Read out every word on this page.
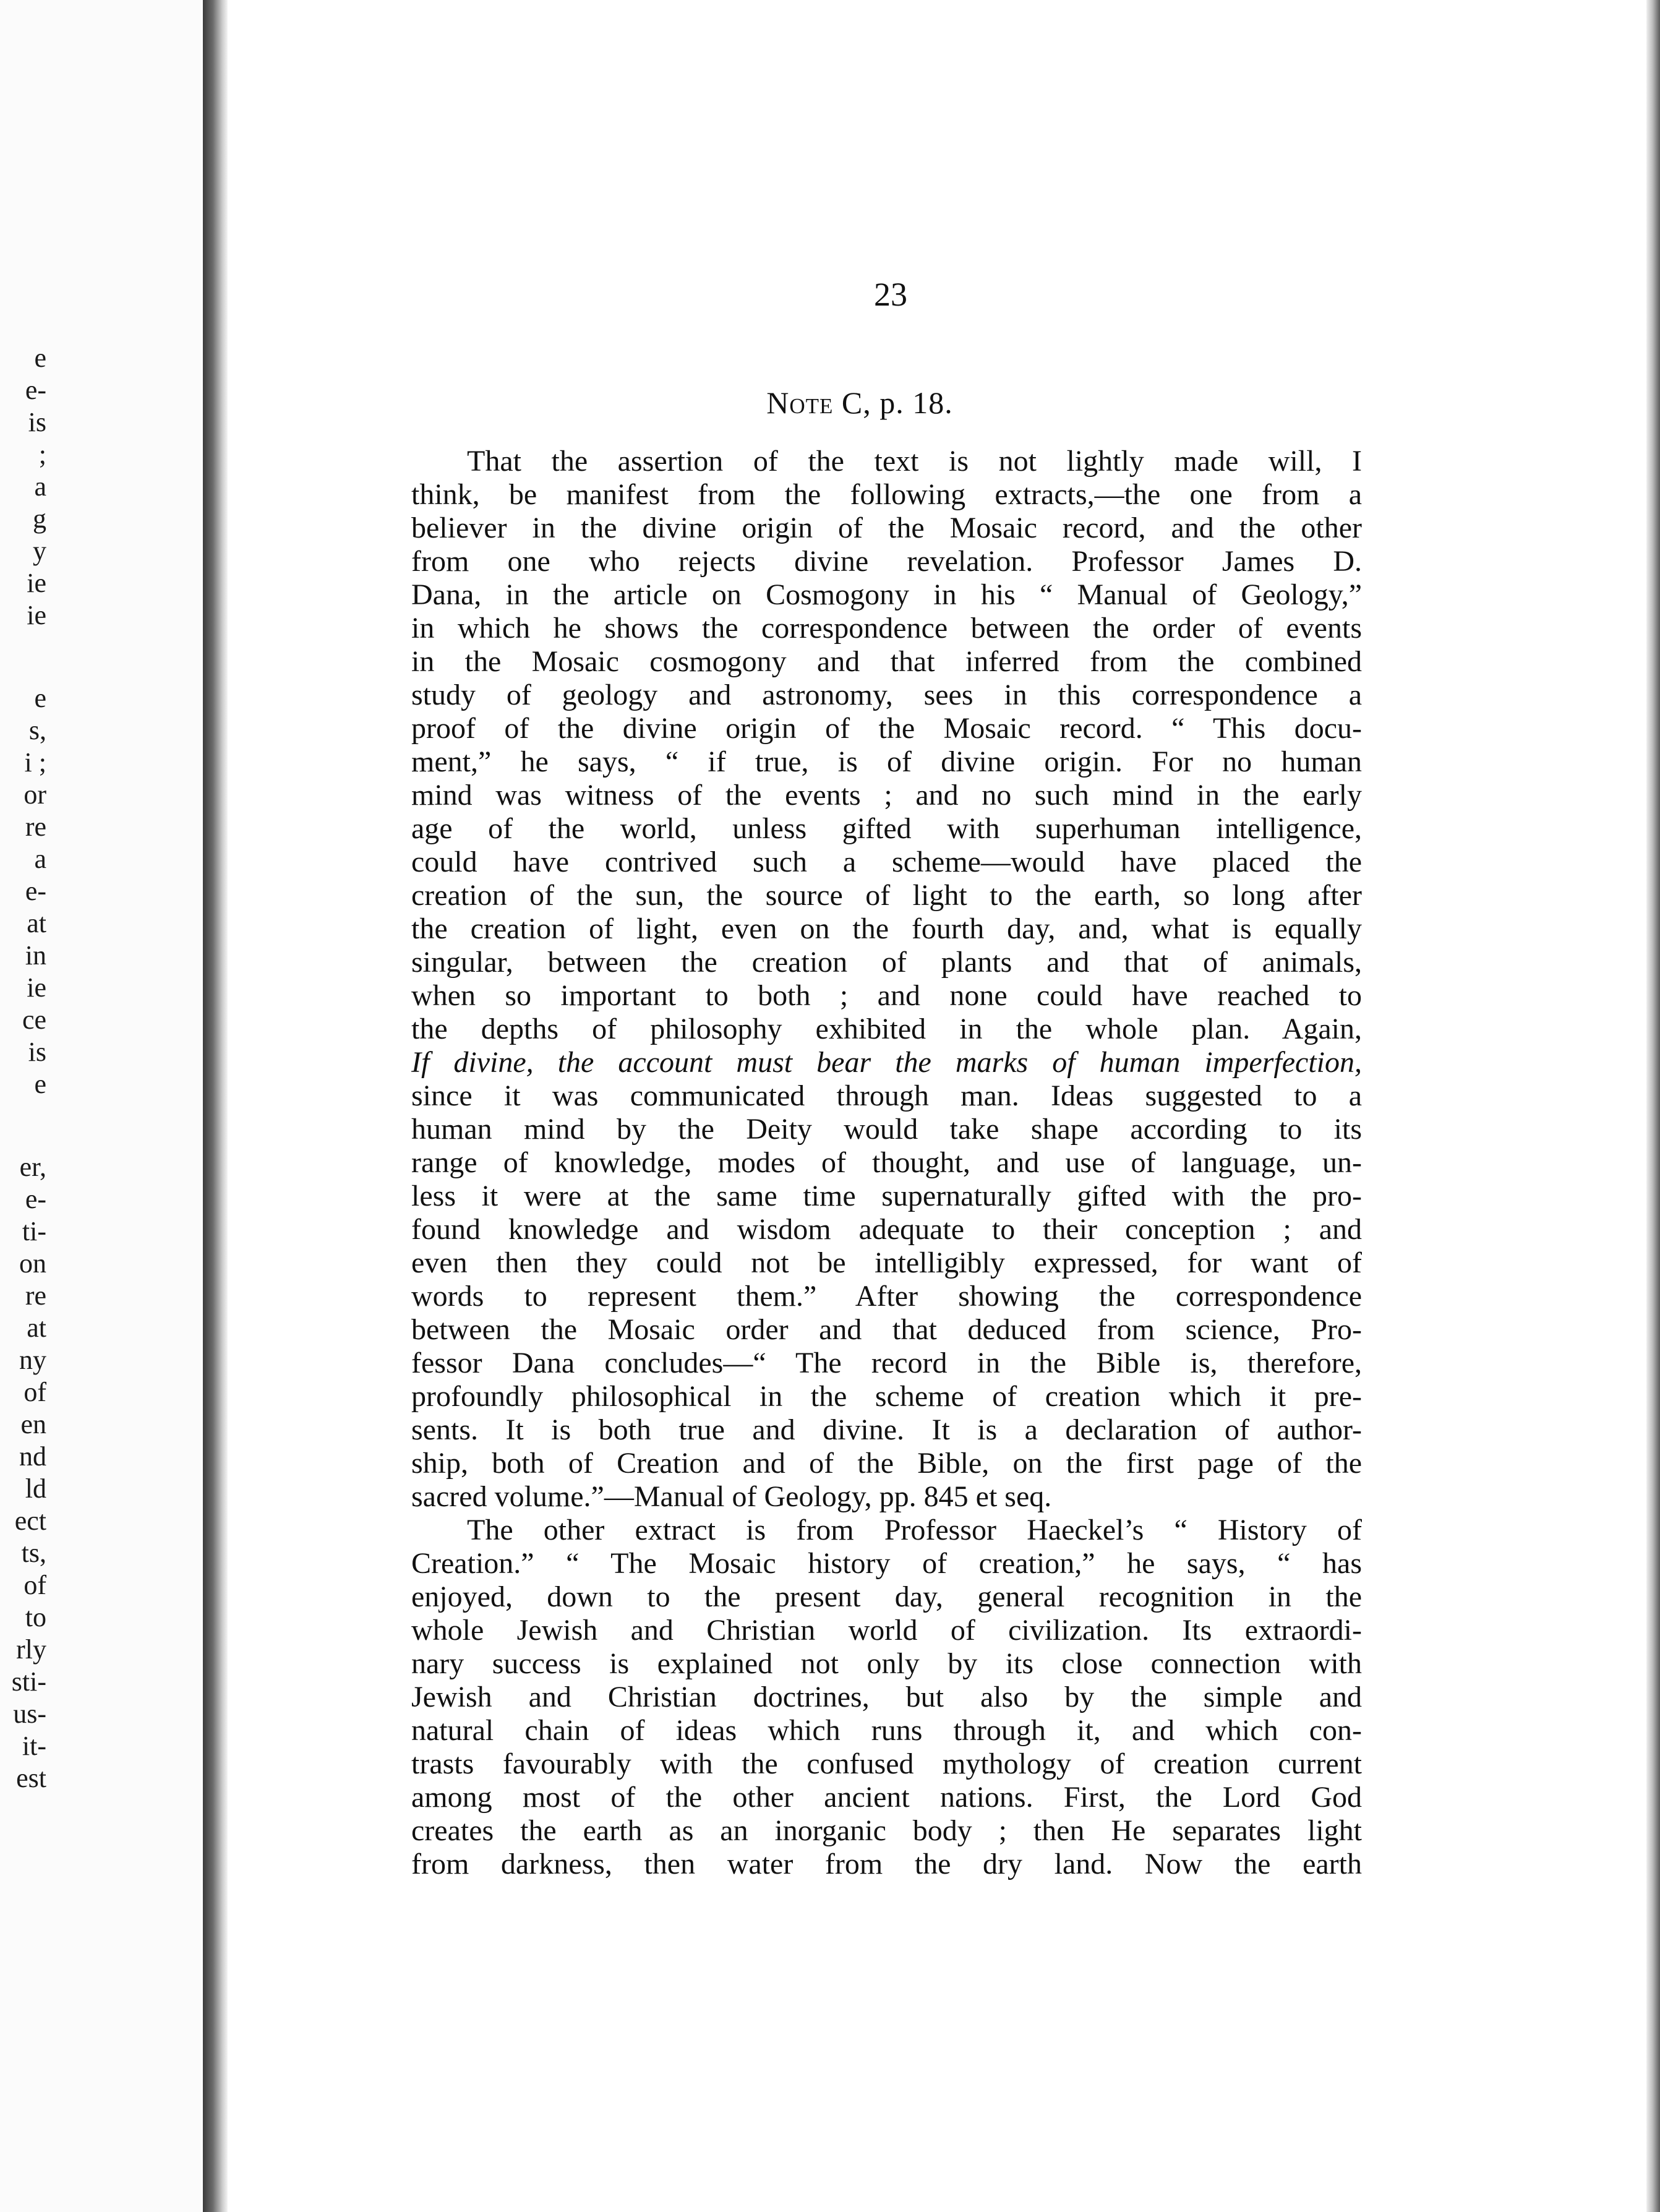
e
e-
is
;
a
g
y
ie
ie
e
s,
i ;
or
re
a
e-
at
in
ie
ce
is
e
er,
e-
ti-
on
re
at
ny
of
en
nd
ld
ect
ts,
of
to
rly
sti-
us-
it-
est
23
Note C, p. 18.
That the assertion of the text is not lightly made will, I
think, be manifest from the following extracts,—the one from a
believer in the divine origin of the Mosaic record, and the other
from one who rejects divine revelation. Professor James D.
Dana, in the article on Cosmogony in his “ Manual of Geology,”
in which he shows the correspondence between the order of events
in the Mosaic cosmogony and that inferred from the combined
study of geology and astronomy, sees in this correspondence a
proof of the divine origin of the Mosaic record. “ This docu-
ment,” he says, “ if true, is of divine origin. For no human
mind was witness of the events ; and no such mind in the early
age of the world, unless gifted with superhuman intelligence,
could have contrived such a scheme—would have placed the
creation of the sun, the source of light to the earth, so long after
the creation of light, even on the fourth day, and, what is equally
singular, between the creation of plants and that of animals,
when so important to both ; and none could have reached to
the depths of philosophy exhibited in the whole plan. Again,
If divine, the account must bear the marks of human imperfection,
since it was communicated through man. Ideas suggested to a
human mind by the Deity would take shape according to its
range of knowledge, modes of thought, and use of language, un-
less it were at the same time supernaturally gifted with the pro-
found knowledge and wisdom adequate to their conception ; and
even then they could not be intelligibly expressed, for want of
words to represent them.” After showing the correspondence
between the Mosaic order and that deduced from science, Pro-
fessor Dana concludes—“ The record in the Bible is, therefore,
profoundly philosophical in the scheme of creation which it pre-
sents. It is both true and divine. It is a declaration of author-
ship, both of Creation and of the Bible, on the first page of the
sacred volume.”—Manual of Geology, pp. 845 et seq.
The other extract is from Professor Haeckel’s “ History of
Creation.” “ The Mosaic history of creation,” he says, “ has
enjoyed, down to the present day, general recognition in the
whole Jewish and Christian world of civilization. Its extraordi-
nary success is explained not only by its close connection with
Jewish and Christian doctrines, but also by the simple and
natural chain of ideas which runs through it, and which con-
trasts favourably with the confused mythology of creation current
among most of the other ancient nations. First, the Lord God
creates the earth as an inorganic body ; then He separates light
from darkness, then water from the dry land. Now the earth
